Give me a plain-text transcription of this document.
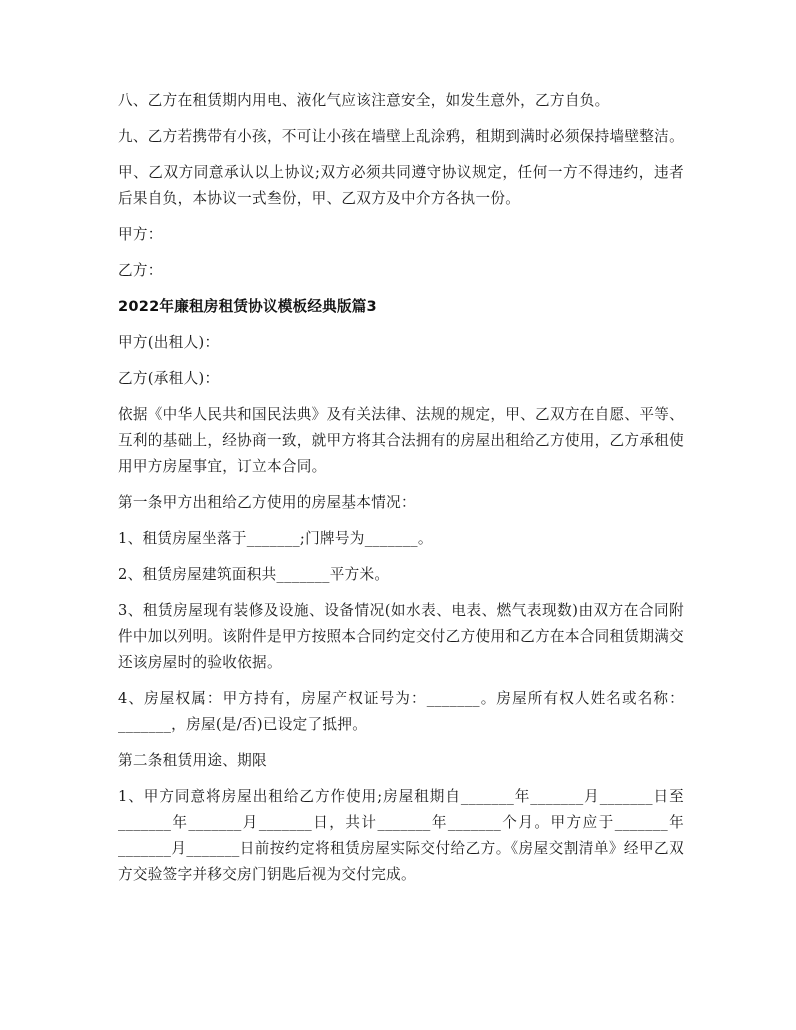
八、乙方在租赁期内用电、液化气应该注意安全，如发生意外，乙方自负。

九、乙方若携带有小孩，不可让小孩在墙壁上乱涂鸦，租期到满时必须保持墙壁整洁。

甲、乙双方同意承认以上协议;双方必须共同遵守协议规定，任何一方不得违约，违者后果自负，本协议一式叁份，甲、乙双方及中介方各执一份。

甲方：

乙方：

2022年廉租房租赁协议模板经典版篇3

甲方(出租人)：

乙方(承租人)：

依据《中华人民共和国民法典》及有关法律、法规的规定，甲、乙双方在自愿、平等、互利的基础上，经协商一致，就甲方将其合法拥有的房屋出租给乙方使用，乙方承租使用甲方房屋事宜，订立本合同。

第一条甲方出租给乙方使用的房屋基本情况：

1、租赁房屋坐落于_______;门牌号为_______。

2、租赁房屋建筑面积共_______平方米。

3、租赁房屋现有装修及设施、设备情况(如水表、电表、燃气表现数)由双方在合同附件中加以列明。该附件是甲方按照本合同约定交付乙方使用和乙方在本合同租赁期满交还该房屋时的验收依据。

4、房屋权属：甲方持有，房屋产权证号为：_______。房屋所有权人姓名或名称：_______，房屋(是/否)已设定了抵押。

第二条租赁用途、期限

1、甲方同意将房屋出租给乙方作使用;房屋租期自_______年_______月_______日至_______年_______月_______日，共计_______年_______个月。甲方应于_______年_______月_______日前按约定将租赁房屋实际交付给乙方。《房屋交割清单》经甲乙双方交验签字并移交房门钥匙后视为交付完成。
